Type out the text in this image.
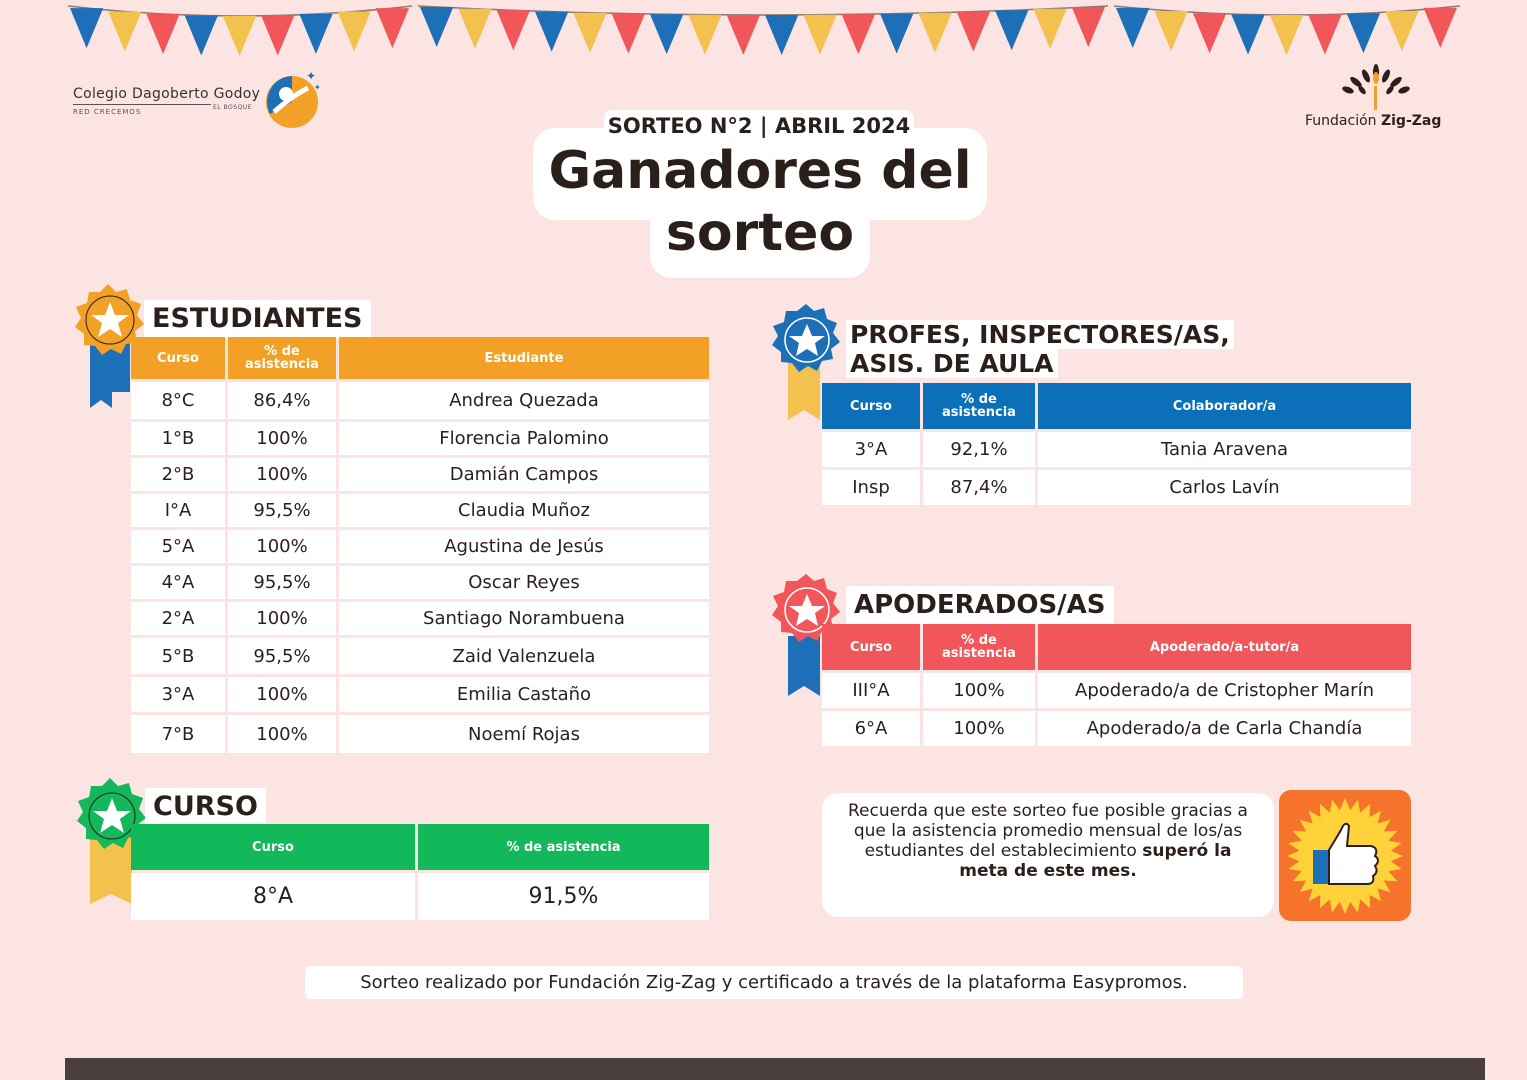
Colegio Dagoberto Godoy
RED CRECEMOS
EL BOSQUE
✦
✦
Fundación Zig-Zag
SORTEO N°2 | ABRIL 2024
Ganadores del
sorteo
ESTUDIANTES
Curso	% de asistencia	Estudiante
8°C	86,4%	Andrea Quezada
1°B	100%	Florencia Palomino
2°B	100%	Damián Campos
I°A	95,5%	Claudia Muñoz
5°A	100%	Agustina de Jesús
4°A	95,5%	Oscar Reyes
2°A	100%	Santiago Norambuena
5°B	95,5%	Zaid Valenzuela
3°A	100%	Emilia Castaño
7°B	100%	Noemí Rojas
PROFES, INSPECTORES/AS,
ASIS. DE AULA
Curso	% de asistencia	Colaborador/a
3°A	92,1%	Tania Aravena
Insp	87,4%	Carlos Lavín
APODERADOS/AS
Curso	% de asistencia	Apoderado/a-tutor/a
III°A	100%	Apoderado/a de Cristopher Marín
6°A	100%	Apoderado/a de Carla Chandía
CURSO
Curso	% de asistencia
8°A	91,5%
Recuerda que este sorteo fue posible gracias a que la asistencia promedio mensual de los/as estudiantes del establecimiento superó la meta de este mes.
Sorteo realizado por Fundación Zig-Zag y certificado a través de la plataforma Easypromos.
